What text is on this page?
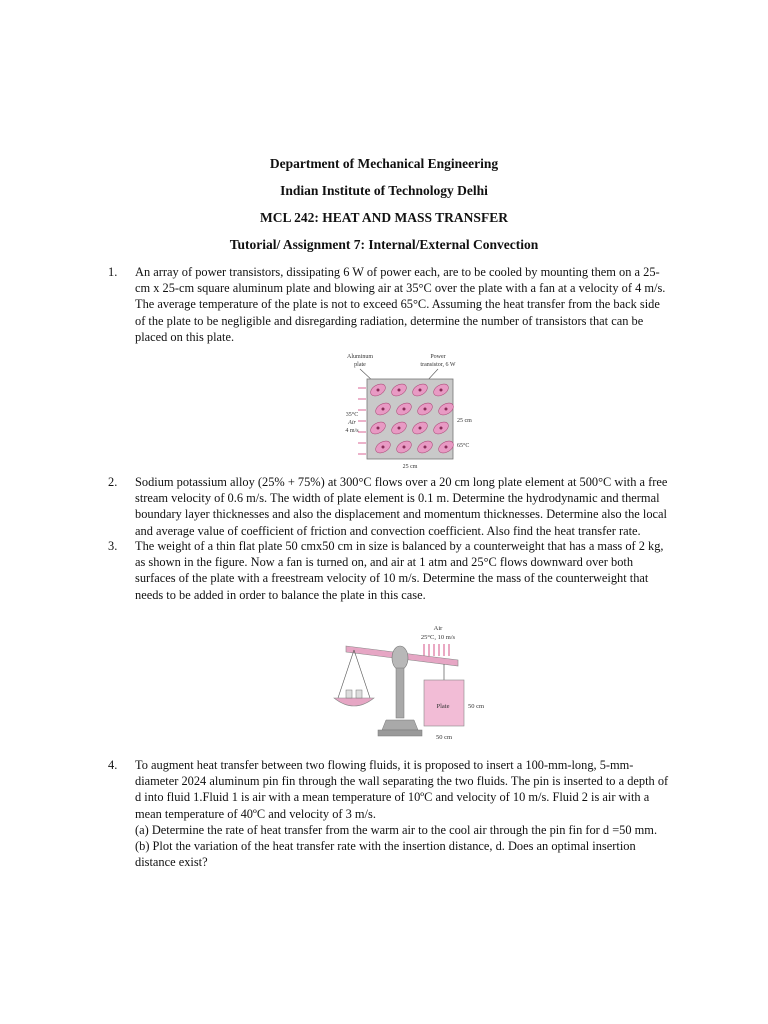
Department of Mechanical Engineering
Indian Institute of Technology Delhi
MCL 242: HEAT AND MASS TRANSFER
Tutorial/ Assignment 7: Internal/External Convection
1.	An array of power transistors, dissipating 6 W of power each, are to be cooled by mounting them on a 25-cm x 25-cm square aluminum plate and blowing air at 35°C over the plate with a fan at a velocity of 4 m/s. The average temperature of the plate is not to exceed 65°C. Assuming the heat transfer from the back side of the plate to be negligible and disregarding radiation, determine the number of transistors that can be placed on this plate.
Aluminum
plate
Power
transistor, 6 W
35°C
Air
4 m/s
25 cm
65°C
25 cm
2.	Sodium potassium alloy (25% + 75%) at 300°C flows over a 20 cm long plate element at 500°C with a free stream velocity of 0.6 m/s. The width of plate element is 0.1 m. Determine the hydrodynamic and thermal boundary layer thicknesses and also the displacement and momentum thicknesses. Determine also the local and average value of coefficient of friction and convection coefficient. Also find the heat transfer rate.
3.	The weight of a thin flat plate 50 cmx50 cm in size is balanced by a counterweight that has a mass of 2 kg, as shown in the figure. Now a fan is turned on, and air at 1 atm and 25°C flows downward over both surfaces of the plate with a freestream velocity of 10 m/s. Determine the mass of the counterweight that needs to be added in order to balance the plate in this case.
Air
25°C, 10 m/s
Plate	50 cm
50 cm
4.	To augment heat transfer between two flowing fluids, it is proposed to insert a 100-mm-long, 5-mm-diameter 2024 aluminum pin fin through the wall separating the two fluids. The pin is inserted to a depth of d into fluid 1.Fluid 1 is air with a mean temperature of 10ºC and velocity of 10 m/s. Fluid 2 is air with a mean temperature of 40ºC and velocity of 3 m/s.
(a) Determine the rate of heat transfer from the warm air to the cool air through the pin fin for d =50 mm.
(b) Plot the variation of the heat transfer rate with the insertion distance, d. Does an optimal insertion distance exist?
